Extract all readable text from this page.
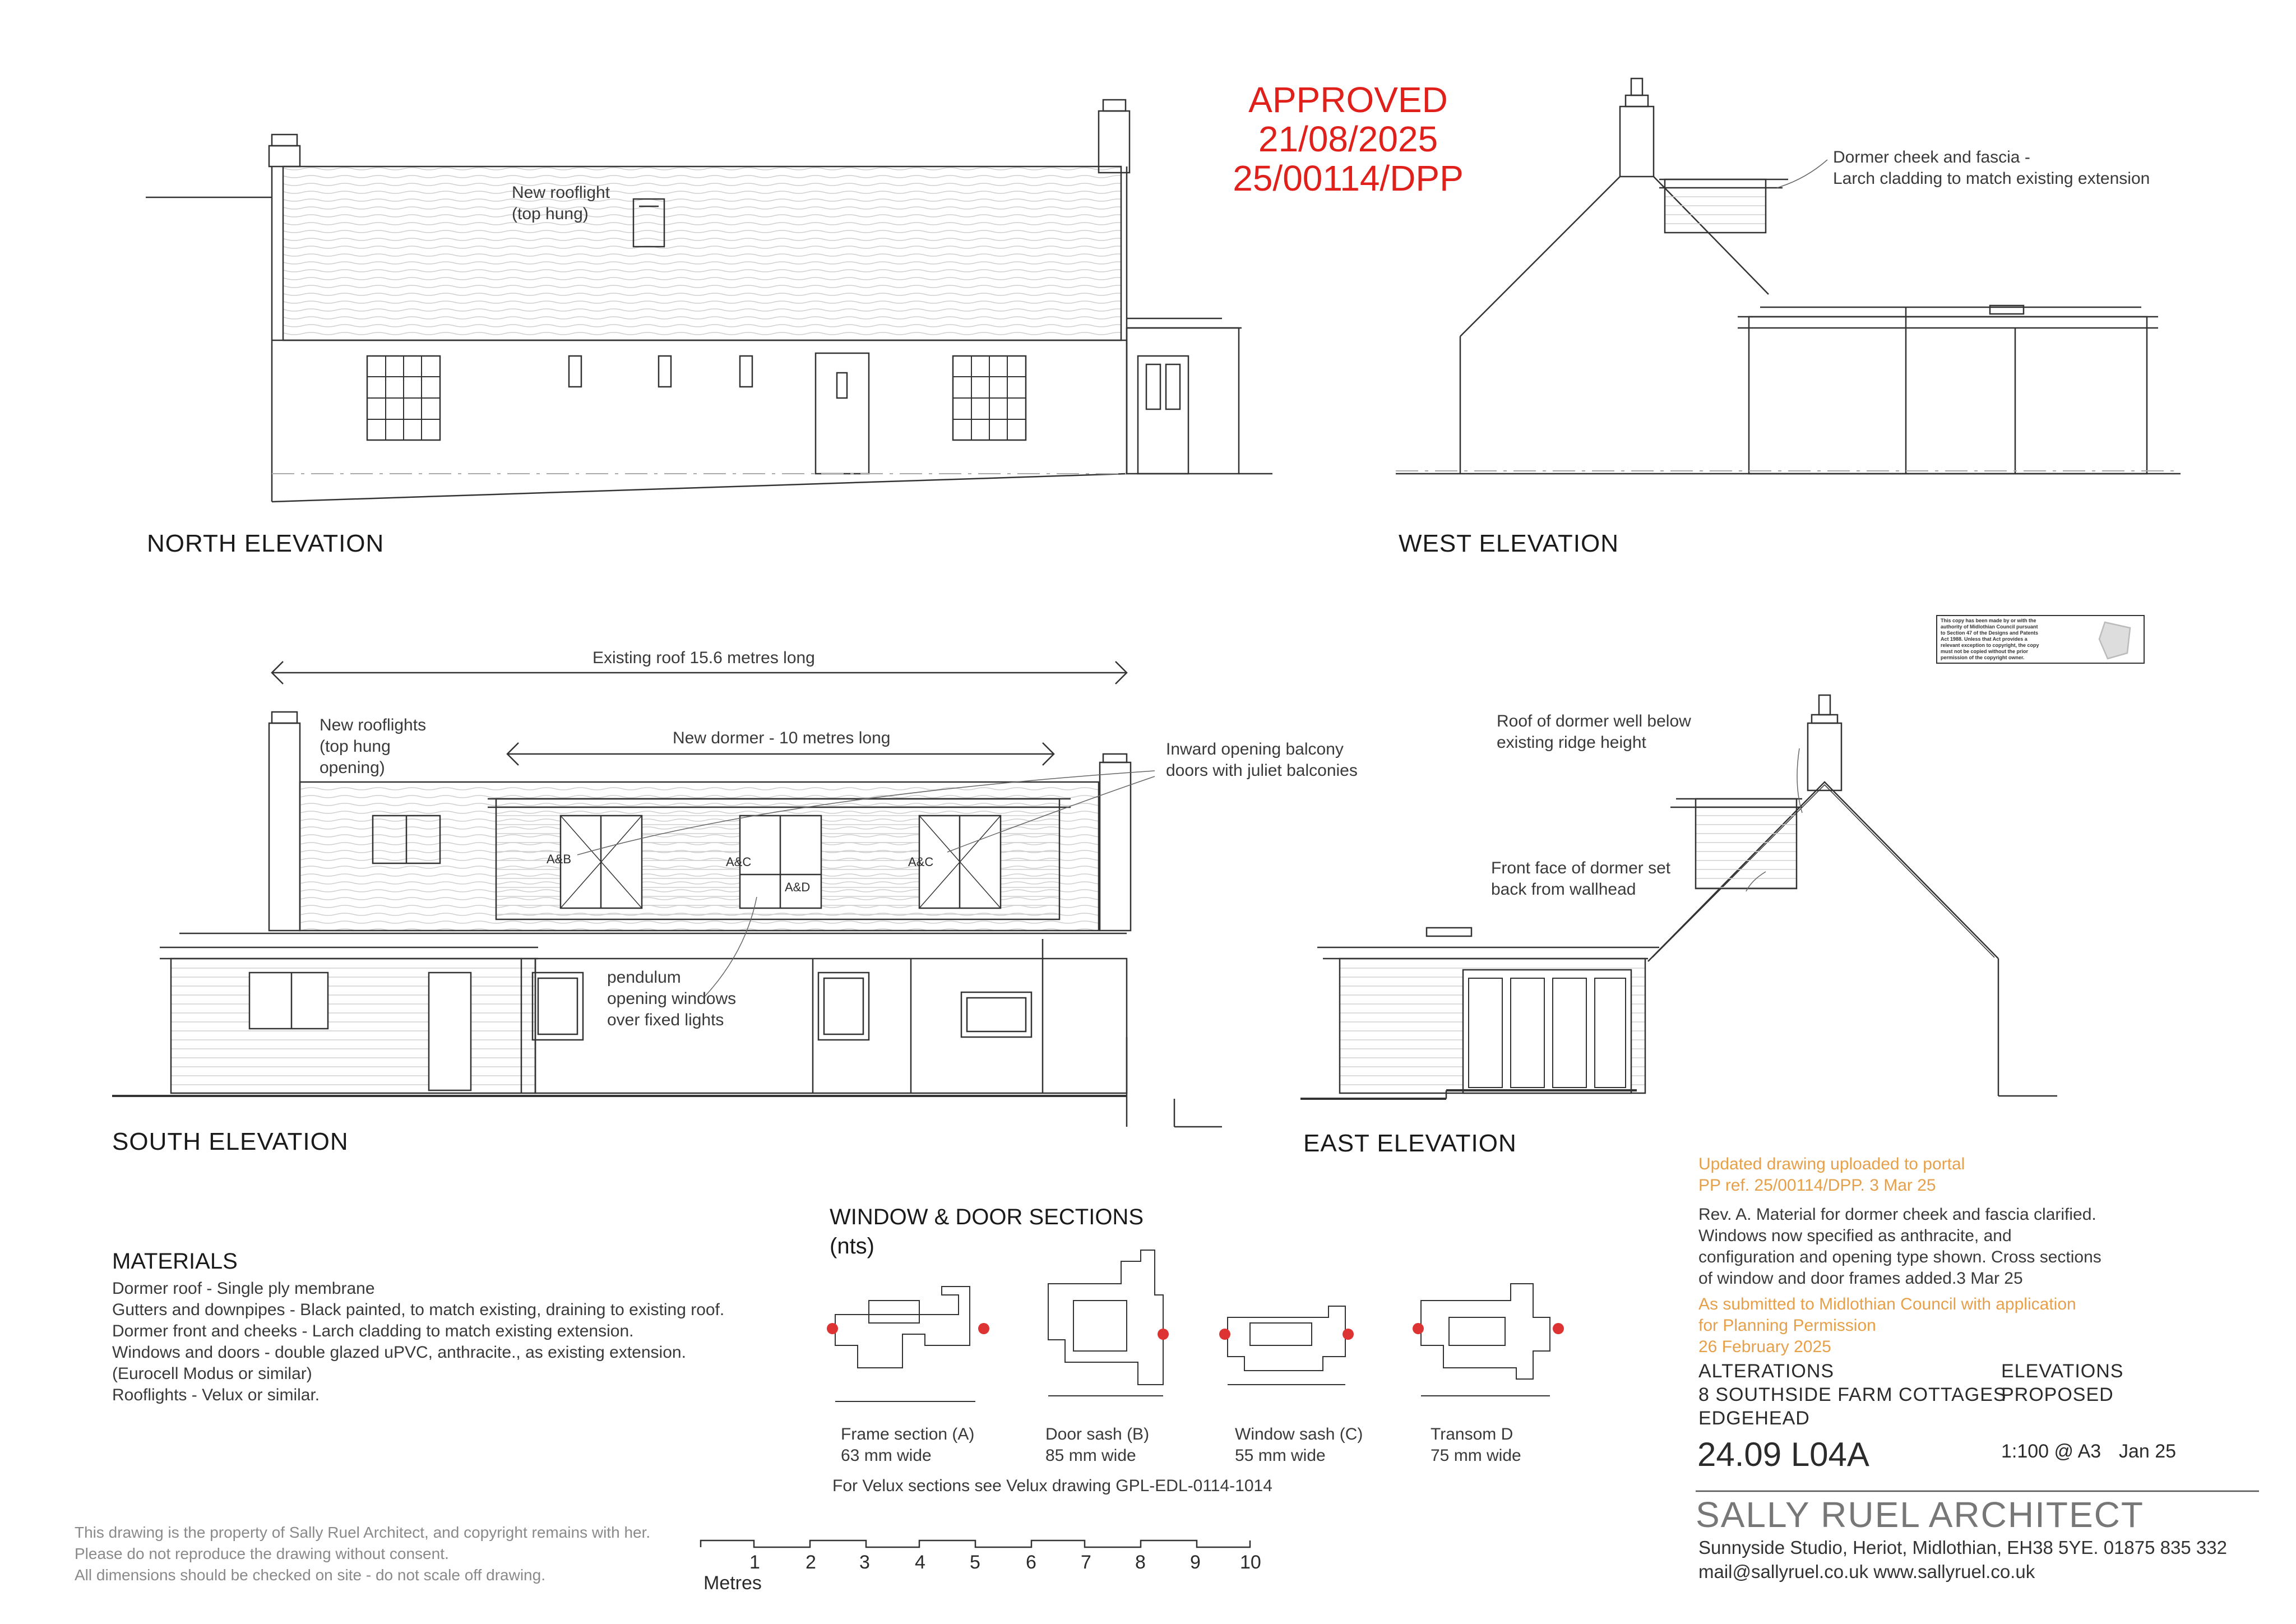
APPROVED
21/08/2025
25/00114/DPP
NORTH ELEVATION	WEST ELEVATION
SOUTH ELEVATION	EAST ELEVATION
New rooflight
(top hung)
Dormer cheek and fascia -
Larch cladding to match existing extension
Existing roof 15.6 metres long
New dormer - 10 metres long
New rooflights
(top hung
opening)
Inward opening balcony
doors with juliet balconies
pendulum
opening windows
over fixed lights
A&B	A&C
A&D
A&C
Roof of dormer well below
existing ridge height
Front face of dormer set
back from wallhead
This copy has been made by or with the
authority of Midlothian Council pursuant
to Section 47 of the Designs and Patents
Act 1988. Unless that Act provides a
relevant exception to copyright, the copy
must not be copied without the prior
permission of the copyright owner.
WINDOW & DOOR SECTIONS
(nts)
Frame section (A)
63 mm wide
Door sash (B)
85 mm wide
Window sash (C)
55 mm wide
Transom D
75 mm wide
For Velux sections see Velux drawing GPL-EDL-0114-1014
MATERIALS
Dormer roof - Single ply membrane
Gutters and downpipes - Black painted, to match existing, draining to existing roof.
Dormer front and cheeks - Larch cladding to match existing extension.
Windows and doors - double glazed uPVC, anthracite., as existing extension.
(Eurocell Modus or similar)
Rooflights - Velux or similar.
This drawing is the property of Sally Ruel Architect, and copyright remains with her.
Please do not reproduce the drawing without consent.
All dimensions should be checked on site - do not scale off drawing.
1 2 3 4 5 6 7 8 9 10
Metres
Updated drawing uploaded to portal
PP ref. 25/00114/DPP. 3 Mar 25
Rev. A. Material for dormer cheek and fascia clarified.
Windows now specified as anthracite, and
configuration and opening type shown. Cross sections
of window and door frames added.3 Mar 25
As submitted to Midlothian Council with application
for Planning Permission
26 February 2025
ALTERATIONS
8 SOUTHSIDE FARM COTTAGES
EDGEHEAD
ELEVATIONS
PROPOSED
24.09 L04A	1:100 @ A3 Jan 25
SALLY RUEL ARCHITECT
Sunnyside Studio, Heriot, Midlothian, EH38 5YE. 01875 835 332
mail@sallyruel.co.uk www.sallyruel.co.uk
